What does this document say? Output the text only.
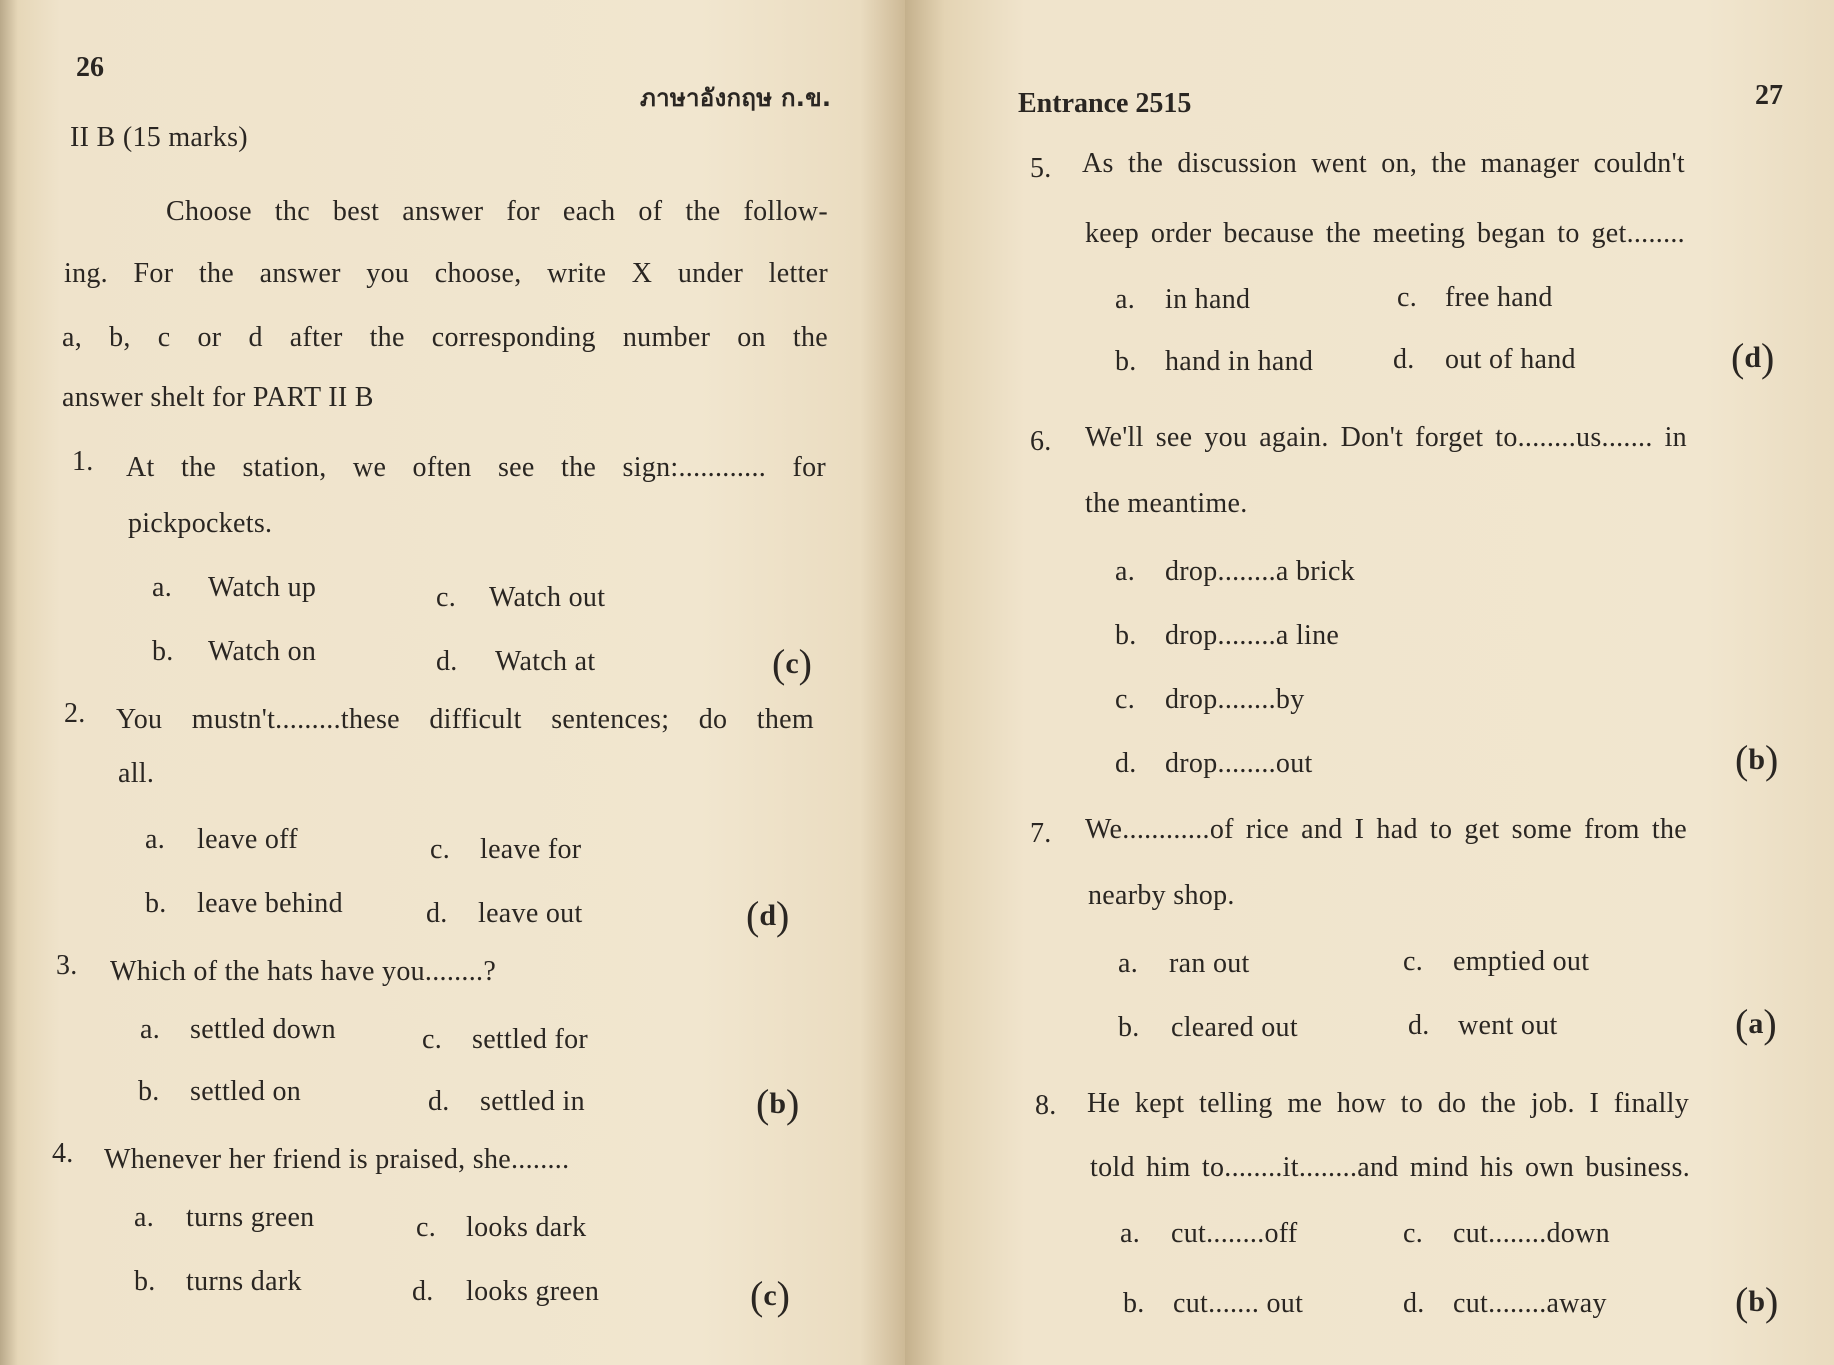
26
ภาษาอังกฤษ ก.ข.
II B (15 marks)
Choose thc best answer for each of the follow-
ing. For the answer you choose, write X under letter
a, b, c or d after the corresponding number on the
answer shelt for PART II B
1. At the station, we often see the sign:............ for
pickpockets.
a. Watch up	c. Watch out
b. Watch on	d. Watch at	( c )
2. You mustn't.........these difficult sentences; do them
all.
a. leave off	c. leave for
b. leave behind	d. leave out	( d )
3. Which of the hats have you........?
a. settled down	c. settled for
b. settled on	d. settled in	( b )
4. Whenever her friend is praised, she........
a. turns green	c. looks dark
b. turns dark	d. looks green	( c )
Entrance 2515	27
5. As the discussion went on, the manager couldn't
keep order because the meeting began to get........
a. in hand	c. free hand
b. hand in hand	d. out of hand	( d )
6. We'll see you again. Don't forget to........us....... in
the meantime.
a. drop........a brick
b. drop........a line
c. drop........by
d. drop........out	( b )
7. We............of rice and I had to get some from the
nearby shop.
a. ran out	c. emptied out
b. cleared out	d. went out	( a )
8. He kept telling me how to do the job. I finally
told him to........it........and mind his own business.
a. cut........off	c. cut........down
b. cut....... out	d. cut........away	( b )
